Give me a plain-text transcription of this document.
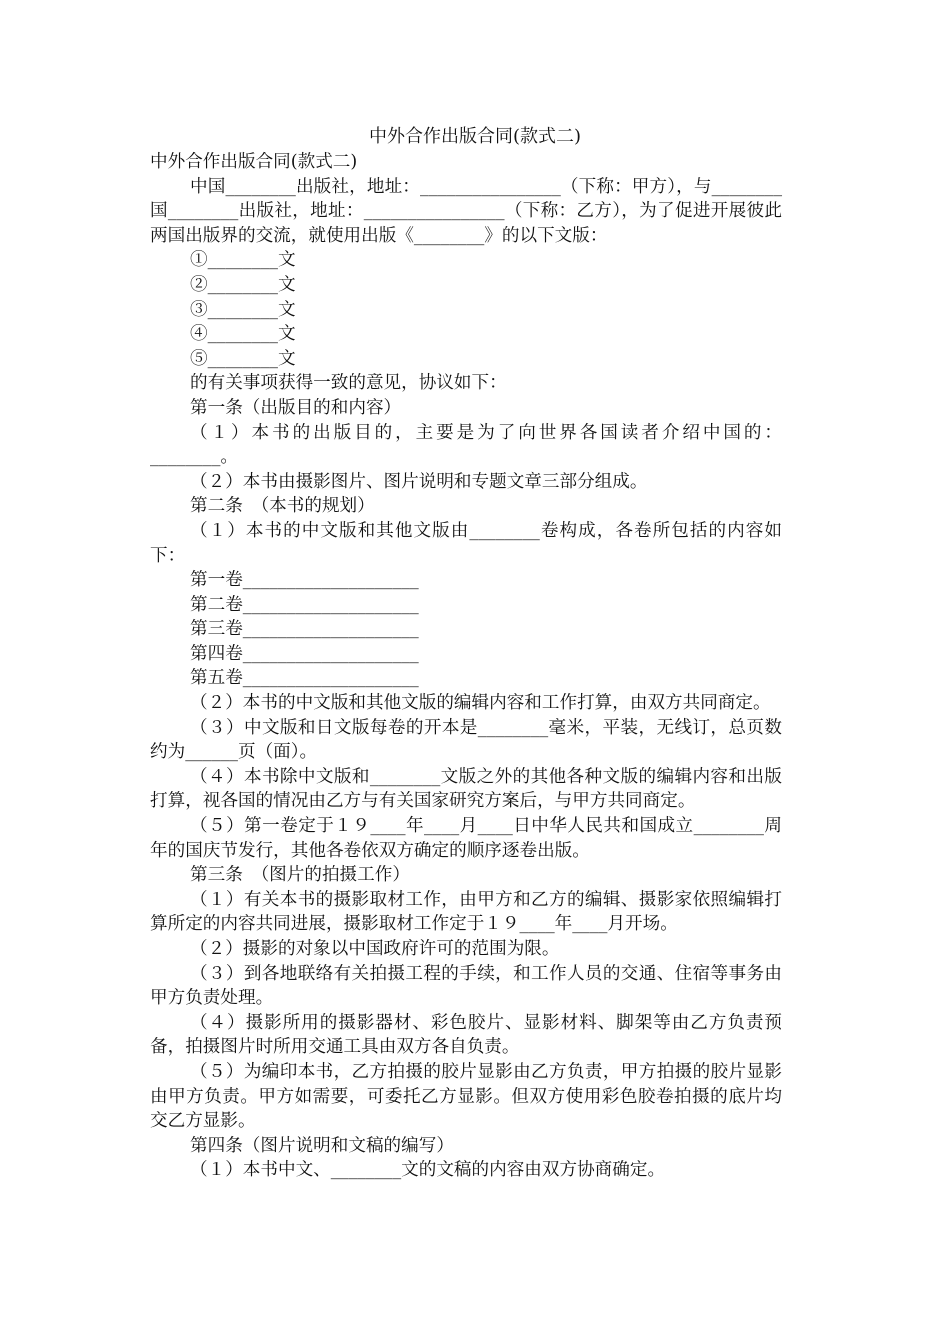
中外合作出版合同(款式二)

中外合作出版合同(款式二)

中国________出版社，地址：________________（下称：甲方），与________国________出版社，地址：________________（下称：乙方），为了促进开展彼此两国出版界的交流，就使用出版《________》的以下文版：

①________文

②________文

③________文

④________文

⑤________文

的有关事项获得一致的意见，协议如下：

第一条（出版目的和内容）

（１）本书的出版目的，主要是为了向世界各国读者介绍中国的：________。

（２）本书由摄影图片、图片说明和专题文章三部分组成。

第二条　（本书的规划）

（１）本书的中文版和其他文版由________卷构成，各卷所包括的内容如下：

第一卷____________________

第二卷____________________

第三卷____________________

第四卷____________________

第五卷____________________

（２）本书的中文版和其他文版的编辑内容和工作打算，由双方共同商定。

（３）中文版和日文版每卷的开本是________毫米，平装，无线订，总页数约为______页（面）。

（４）本书除中文版和________文版之外的其他各种文版的编辑内容和出版打算，视各国的情况由乙方与有关国家研究方案后，与甲方共同商定。

（５）第一卷定于１９____年____月____日中华人民共和国成立________周年的国庆节发行，其他各卷依双方确定的顺序逐卷出版。

第三条　（图片的拍摄工作）

（１）有关本书的摄影取材工作，由甲方和乙方的编辑、摄影家依照编辑打算所定的内容共同进展，摄影取材工作定于１９____年____月开场。

（２）摄影的对象以中国政府许可的范围为限。

（３）到各地联络有关拍摄工程的手续，和工作人员的交通、住宿等事务由甲方负责处理。

（４）摄影所用的摄影器材、彩色胶片、显影材料、脚架等由乙方负责预备，拍摄图片时所用交通工具由双方各自负责。

（５）为编印本书，乙方拍摄的胶片显影由乙方负责，甲方拍摄的胶片显影由甲方负责。甲方如需要，可委托乙方显影。但双方使用彩色胶卷拍摄的底片均交乙方显影。

第四条（图片说明和文稿的编写）

（１）本书中文、________文的文稿的内容由双方协商确定。
